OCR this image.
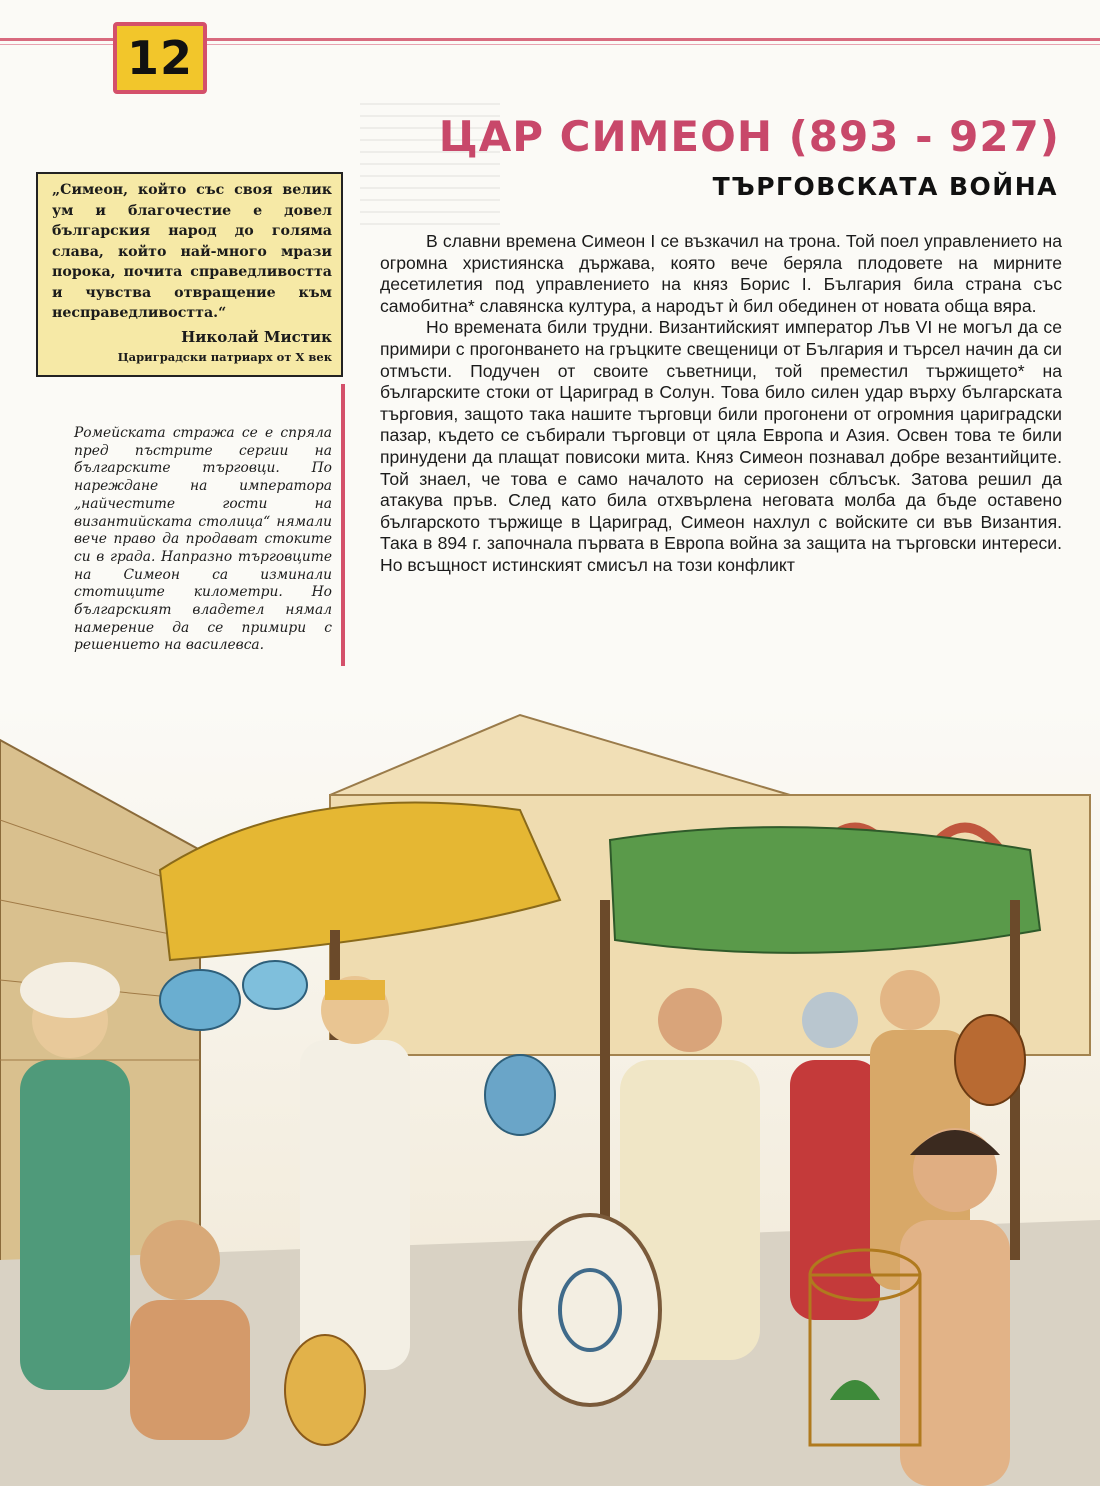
12
ЦАР СИМЕОН (893 - 927)
ТЪРГОВСКАТА ВОЙНА

„Симеон, който със своя велик ум и благочестие е довел българския народ до голяма слава, който най-много мрази порока, почита справедливостта и чувства отвращение към несправедливостта.“

Николай Мистик
Цариградски патриарх от X век
Ромейската стража се е спряла пред пъстрите сергии на българските търговци. По нареждане на императора „найчестите гости на византийската столица“ нямали вече право да продават стоките си в града. Напразно търговците на Симеон са изминали стотиците километри. Но българският владетел нямал намерение да се примири с решението на василевса.

В славни времена Симеон I се възкачил на трона. Той поел управлението на огромна християнска държава, която вече беряла плодовете на мирните десетилетия под управлението на княз Борис I. България била страна със самобитна* славянска култура, а народът ѝ бил обединен от новата обща вяра.

Но времената били трудни. Византийският император Лъв VI не могъл да се примири с прогонването на гръцките свещеници от България и търсел начин да си отмъсти. Подучен от своите съветници, той преместил тържището* на българските стоки от Цариград в Солун. Това било силен удар върху българската търговия, защото така нашите търговци били прогонени от огромния цариградски пазар, където се събирали търговци от цяла Европа и Азия. Освен това те били принудени да плащат повисоки мита. Княз Симеон познавал добре везантийците. Той знаел, че това е само началото на сериозен сблъсък. Затова решил да атакува пръв. След като била отхвърлена неговата молба да бъде оставено българското тържище в Цариград, Симеон нахлул с войските си във Византия. Така в 894 г. започнала първата в Европа война за защита на търговски интереси. Но всъщност истинският смисъл на този конфликт
